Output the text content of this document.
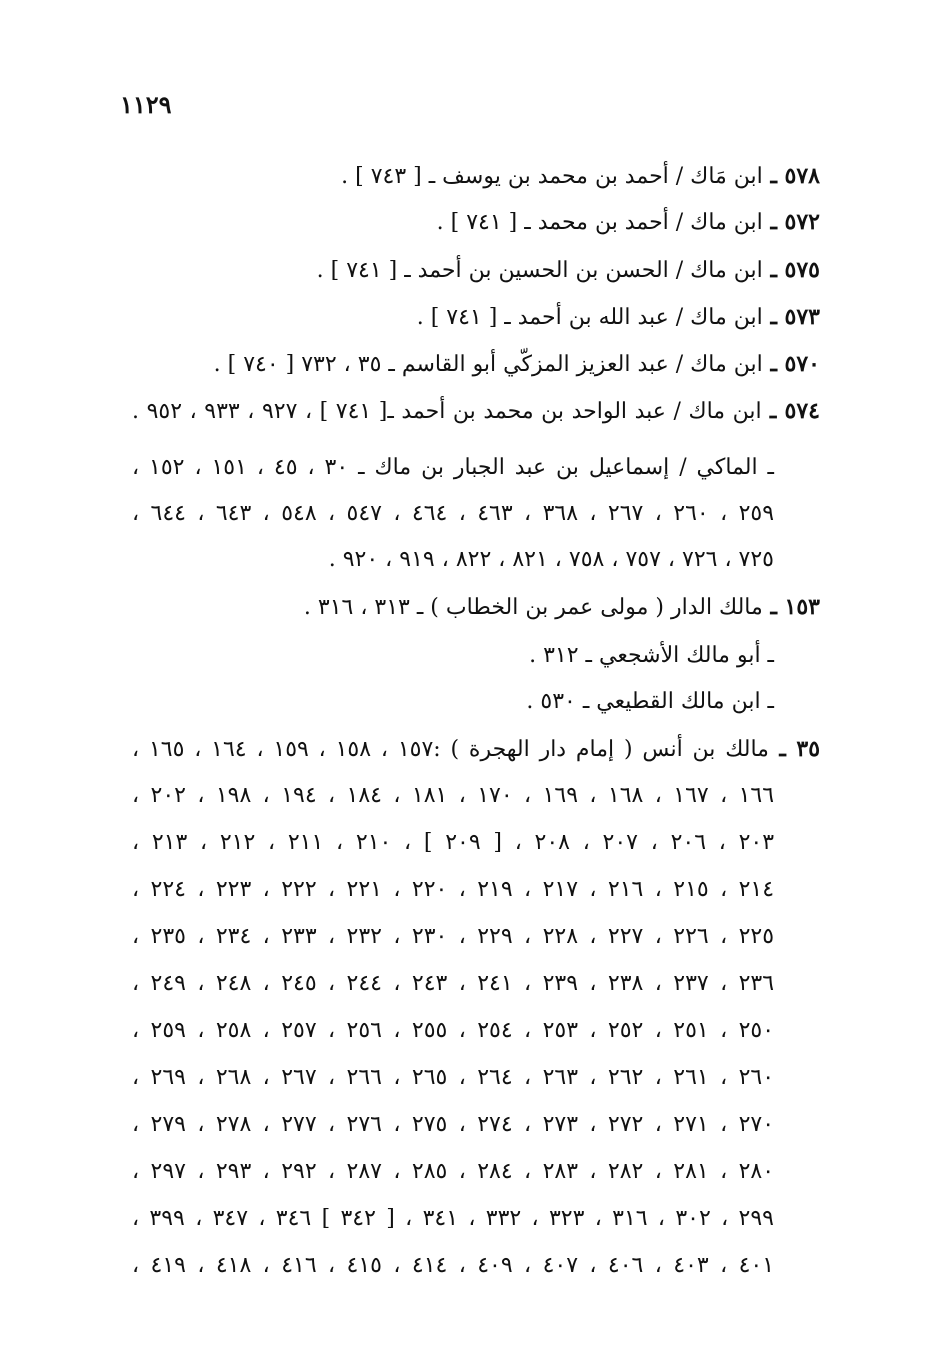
١١٢٩
٥٧٨ ـ ابن مَاك / أحمد بن محمد بن يوسف ـ [ ٧٤٣ ] .
٥٧٢ ـ ابن ماك / أحمد بن محمد ـ [ ٧٤١ ] .
٥٧٥ ـ ابن ماك / الحسن بن الحسين بن أحمد ـ [ ٧٤١ ] .
٥٧٣ ـ ابن ماك / عبد الله بن أحمد ـ [ ٧٤١ ] .
٥٧٠ ـ ابن ماك / عبد العزيز المزكّي أبو القاسم ـ ٣٥ ، ٧٣٢ [ ٧٤٠ ] .
٥٧٤ ـ ابن ماك / عبد الواحد بن محمد بن أحمد ـ[ ٧٤١ ] ، ٩٢٧ ، ٩٣٣ ، ٩٥٢ .
ـ الماكي / إسماعيل بن عبد الجبار بن ماك ـ ٣٠ ، ٤٥ ، ١٥١ ، ١٥٢ ،
٢٥٩ ، ٢٦٠ ، ٢٦٧ ، ٣٦٨ ، ٤٦٣ ، ٤٦٤ ، ٥٤٧ ، ٥٤٨ ، ٦٤٣ ، ٦٤٤ ،
٧٢٥ ، ٧٢٦ ، ٧٥٧ ، ٧٥٨ ، ٨٢١ ، ٨٢٢ ، ٩١٩ ، ٩٢٠ .
١٥٣ ـ مالك الدار ( مولى عمر بن الخطاب ) ـ ٣١٣ ، ٣١٦ .
ـ أبو مالك الأشجعي ـ ٣١٢ .
ـ ابن مالك القطيعي ـ ٥٣٠ .
٣٥ ـ مالك بن أنس ( إمام دار الهجرة ) :١٥٧ ، ١٥٨ ، ١٥٩ ، ١٦٤ ، ١٦٥ ،
١٦٦ ، ١٦٧ ، ١٦٨ ، ١٦٩ ، ١٧٠ ، ١٨١ ، ١٨٤ ، ١٩٤ ، ١٩٨ ، ٢٠٢ ،
٢٠٣ ، ٢٠٦ ، ٢٠٧ ، ٢٠٨ ، [ ٢٠٩ ] ، ٢١٠ ، ٢١١ ، ٢١٢ ، ٢١٣ ،
٢١٤ ، ٢١٥ ، ٢١٦ ، ٢١٧ ، ٢١٩ ، ٢٢٠ ، ٢٢١ ، ٢٢٢ ، ٢٢٣ ، ٢٢٤ ،
٢٢٥ ، ٢٢٦ ، ٢٢٧ ، ٢٢٨ ، ٢٢٩ ، ٢٣٠ ، ٢٣٢ ، ٢٣٣ ، ٢٣٤ ، ٢٣٥ ،
٢٣٦ ، ٢٣٧ ، ٢٣٨ ، ٢٣٩ ، ٢٤١ ، ٢٤٣ ، ٢٤٤ ، ٢٤٥ ، ٢٤٨ ، ٢٤٩ ،
٢٥٠ ، ٢٥١ ، ٢٥٢ ، ٢٥٣ ، ٢٥٤ ، ٢٥٥ ، ٢٥٦ ، ٢٥٧ ، ٢٥٨ ، ٢٥٩ ،
٢٦٠ ، ٢٦١ ، ٢٦٢ ، ٢٦٣ ، ٢٦٤ ، ٢٦٥ ، ٢٦٦ ، ٢٦٧ ، ٢٦٨ ، ٢٦٩ ،
٢٧٠ ، ٢٧١ ، ٢٧٢ ، ٢٧٣ ، ٢٧٤ ، ٢٧٥ ، ٢٧٦ ، ٢٧٧ ، ٢٧٨ ، ٢٧٩ ،
٢٨٠ ، ٢٨١ ، ٢٨٢ ، ٢٨٣ ، ٢٨٤ ، ٢٨٥ ، ٢٨٧ ، ٢٩٢ ، ٢٩٣ ، ٢٩٧ ،
٢٩٩ ، ٣٠٢ ، ٣١٦ ، ٣٢٣ ، ٣٣٢ ، ٣٤١ ، [ ٣٤٢ ] ٣٤٦ ، ٣٤٧ ، ٣٩٩ ،
٤٠١ ، ٤٠٣ ، ٤٠٦ ، ٤٠٧ ، ٤٠٩ ، ٤١٤ ، ٤١٥ ، ٤١٦ ، ٤١٨ ، ٤١٩ ،
